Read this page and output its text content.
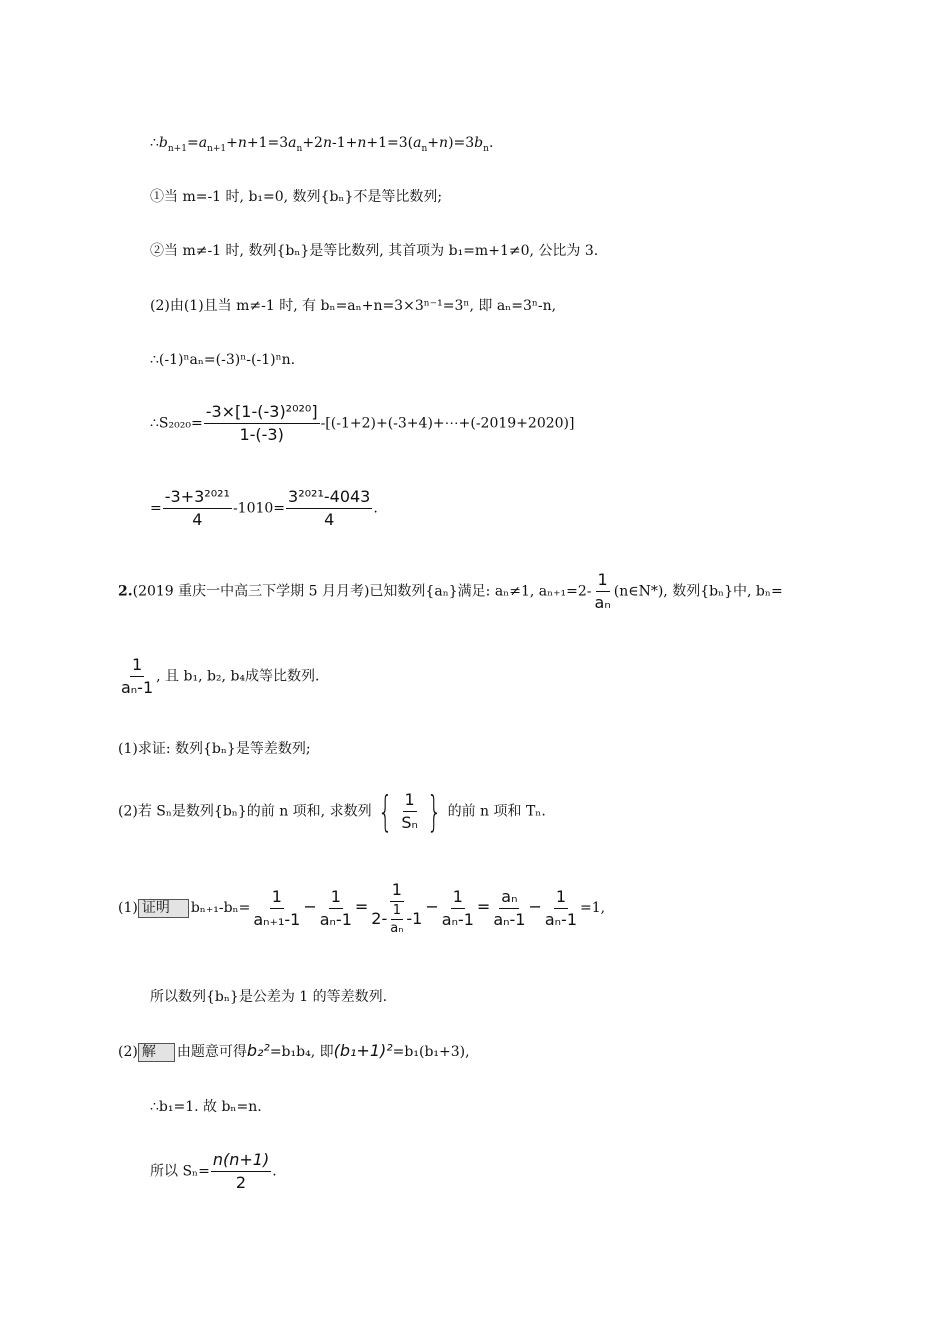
$\therefore b_{n+1}=a_{n+1}+n+1=3a_n+2n-1+n+1=3(a_n+n)=3b_n$.
①当 m=-1 时, b₁=0, 数列{bₙ}不是等比数列;
②当 m≠-1 时, 数列{bₙ}是等比数列, 其首项为 b₁=m+1≠0, 公比为 3.
(2)由(1)且当 m≠-1 时, 有 bₙ=aₙ+n=3×3ⁿ⁻¹=3ⁿ, 即 aₙ=3ⁿ-n,
∴(-1)ⁿaₙ=(-3)ⁿ-(-1)ⁿn.
∴S₂₀₂₀= $\frac{\text{-3×[1-(-3)²⁰²⁰]}}{1-(-3)}$ -[(-1+2)+(-3+4)+⋯+(-2019+2020)]
= $\frac{\text{-3+3²⁰²¹}}{4} -1010= \frac{\text{3²⁰²¹-4043}}{4}$ .
2.(2019 重庆一中高三下学期 5 月月考)已知数列{aₙ}满足: aₙ≠1, $a_{n+1}=2- \frac{1}{\text{aₙ}}$ (n∈N*), 数列{bₙ}中, bₙ=
$\frac{1}{\text{aₙ-1}}$ , 且 b₁, b₂, b₄成等比数列.
(1)求证: 数列{bₙ}是等差数列;
(2)若 Sₙ是数列{bₙ}的前 n 项和, 求数列 { $\frac{1}{\text{Sₙ}}$ } 的前 n 项和 Tₙ.
(1) 证明 $b_{n+1}-b_n= \frac{1}{\text{aₙ₊₁-1}} - \frac{1}{\text{aₙ-1}} = \frac{1}{2- \frac{1}{\text{aₙ}} -1} - \frac{1}{\text{aₙ-1}} = \frac{\text{aₙ}}{\text{aₙ-1}} - \frac{1}{\text{aₙ-1}} =1$,
所以数列{bₙ}是公差为 1 的等差数列.
(2) 解 由题意可得b₂²=b₁b₄, 即(b₁+1)²=b₁(b₁+3),
∴b₁=1. 故 bₙ=n.
所以 $S_n= \frac{n(n+1)}{2}$ .
